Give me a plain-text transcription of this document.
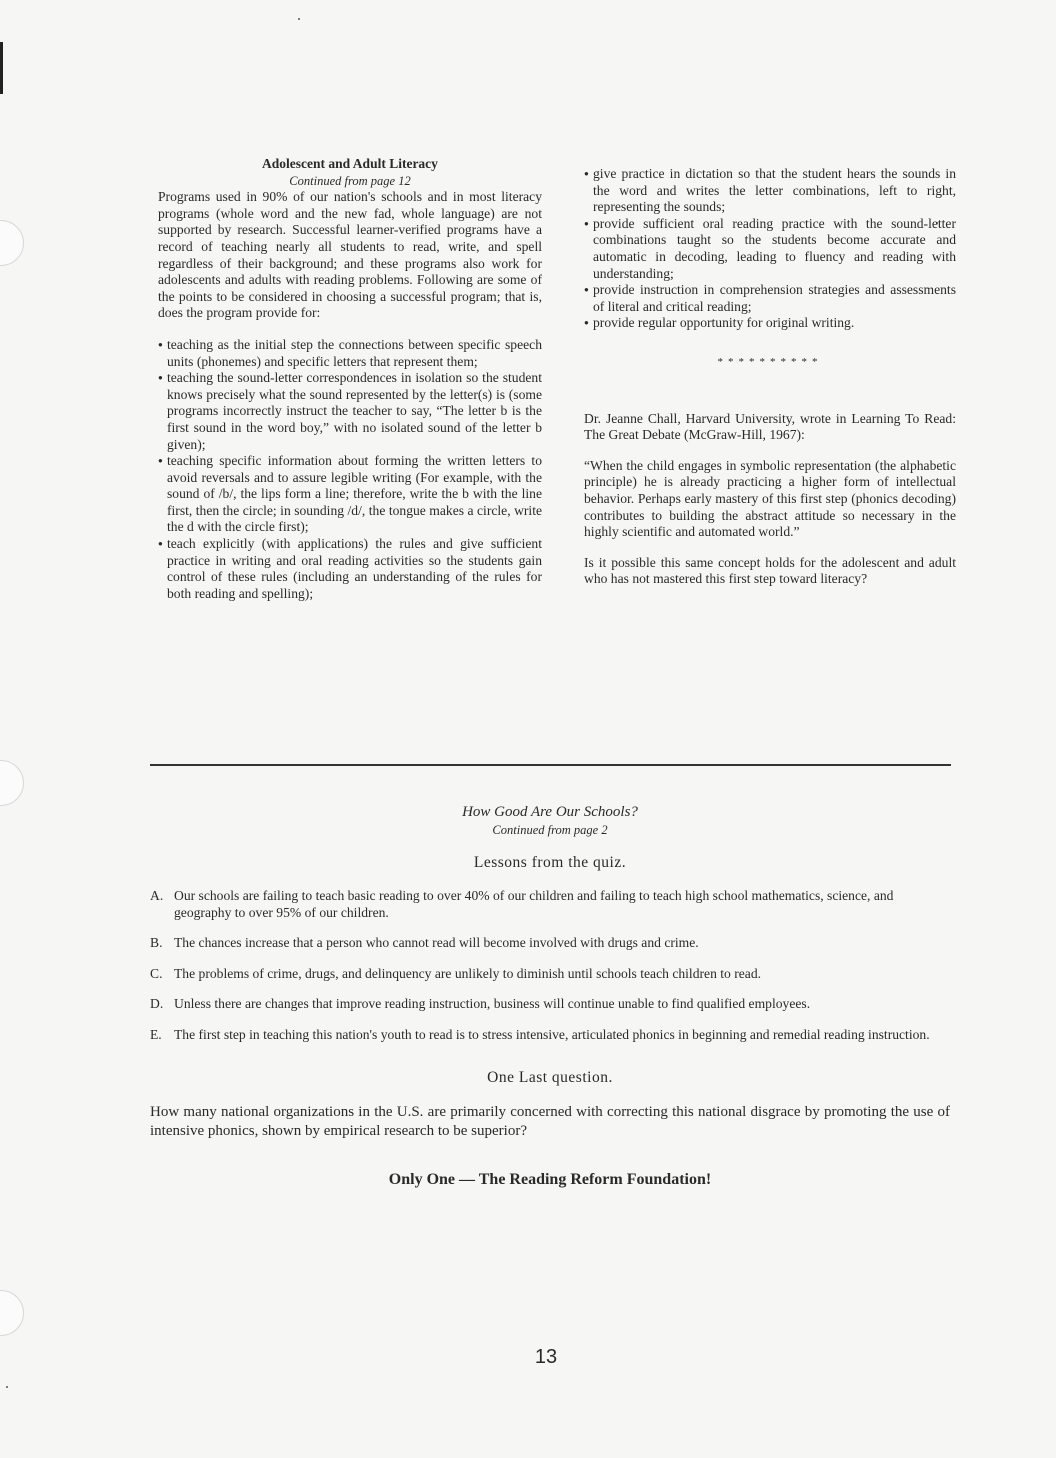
Adolescent and Adult Literacy

Continued from page 12

Programs used in 90% of our nation's schools and in most literacy programs (whole word and the new fad, whole language) are not supported by research. Successful learner-verified programs have a record of teaching nearly all students to read, write, and spell regardless of their background; and these programs also work for adolescents and adults with reading problems. Following are some of the points to be considered in choosing a successful program; that is, does the program provide for:

● teaching as the initial step the connections between specific speech units (phonemes) and specific letters that represent them;
● teaching the sound-letter correspondences in isolation so the student knows precisely what the sound represented by the letter(s) is (some programs incorrectly instruct the teacher to say, “The letter b is the first sound in the word boy,” with no isolated sound of the letter b given);
● teaching specific information about forming the written letters to avoid reversals and to assure legible writing (For example, with the sound of /b/, the lips form a line; therefore, write the b with the line first, then the circle; in sounding /d/, the tongue makes a circle, write the d with the circle first);
● teach explicitly (with applications) the rules and give sufficient practice in writing and oral reading activities so the students gain control of these rules (including an understanding of the rules for both reading and spelling);
● give practice in dictation so that the student hears the sounds in the word and writes the letter combinations, left to right, representing the sounds;
● provide sufficient oral reading practice with the sound-letter combinations taught so the students become accurate and automatic in decoding, leading to fluency and reading with understanding;
● provide instruction in comprehension strategies and assessments of literal and critical reading;
● provide regular opportunity for original writing.
**********

Dr. Jeanne Chall, Harvard University, wrote in Learning To Read: The Great Debate (McGraw-Hill, 1967):

“When the child engages in symbolic representation (the alphabetic principle) he is already practicing a higher form of intellectual behavior. Perhaps early mastery of this first step (phonics decoding) contributes to building the abstract attitude so necessary in the highly scientific and automated world.”

Is it possible this same concept holds for the adolescent and adult who has not mastered this first step toward literacy?

How Good Are Our Schools?

Continued from page 2

Lessons from the quiz.

A. Our schools are failing to teach basic reading to over 40% of our children and failing to teach high school mathematics, science, and geography to over 95% of our children.
B. The chances increase that a person who cannot read will become involved with drugs and crime.
C. The problems of crime, drugs, and delinquency are unlikely to diminish until schools teach children to read.
D. Unless there are changes that improve reading instruction, business will continue unable to find qualified employees.
E. The first step in teaching this nation's youth to read is to stress intensive, articulated phonics in beginning and remedial reading instruction.

One Last question.

How many national organizations in the U.S. are primarily concerned with correcting this national disgrace by promoting the use of intensive phonics, shown by empirical research to be superior?

Only One — The Reading Reform Foundation!

13
